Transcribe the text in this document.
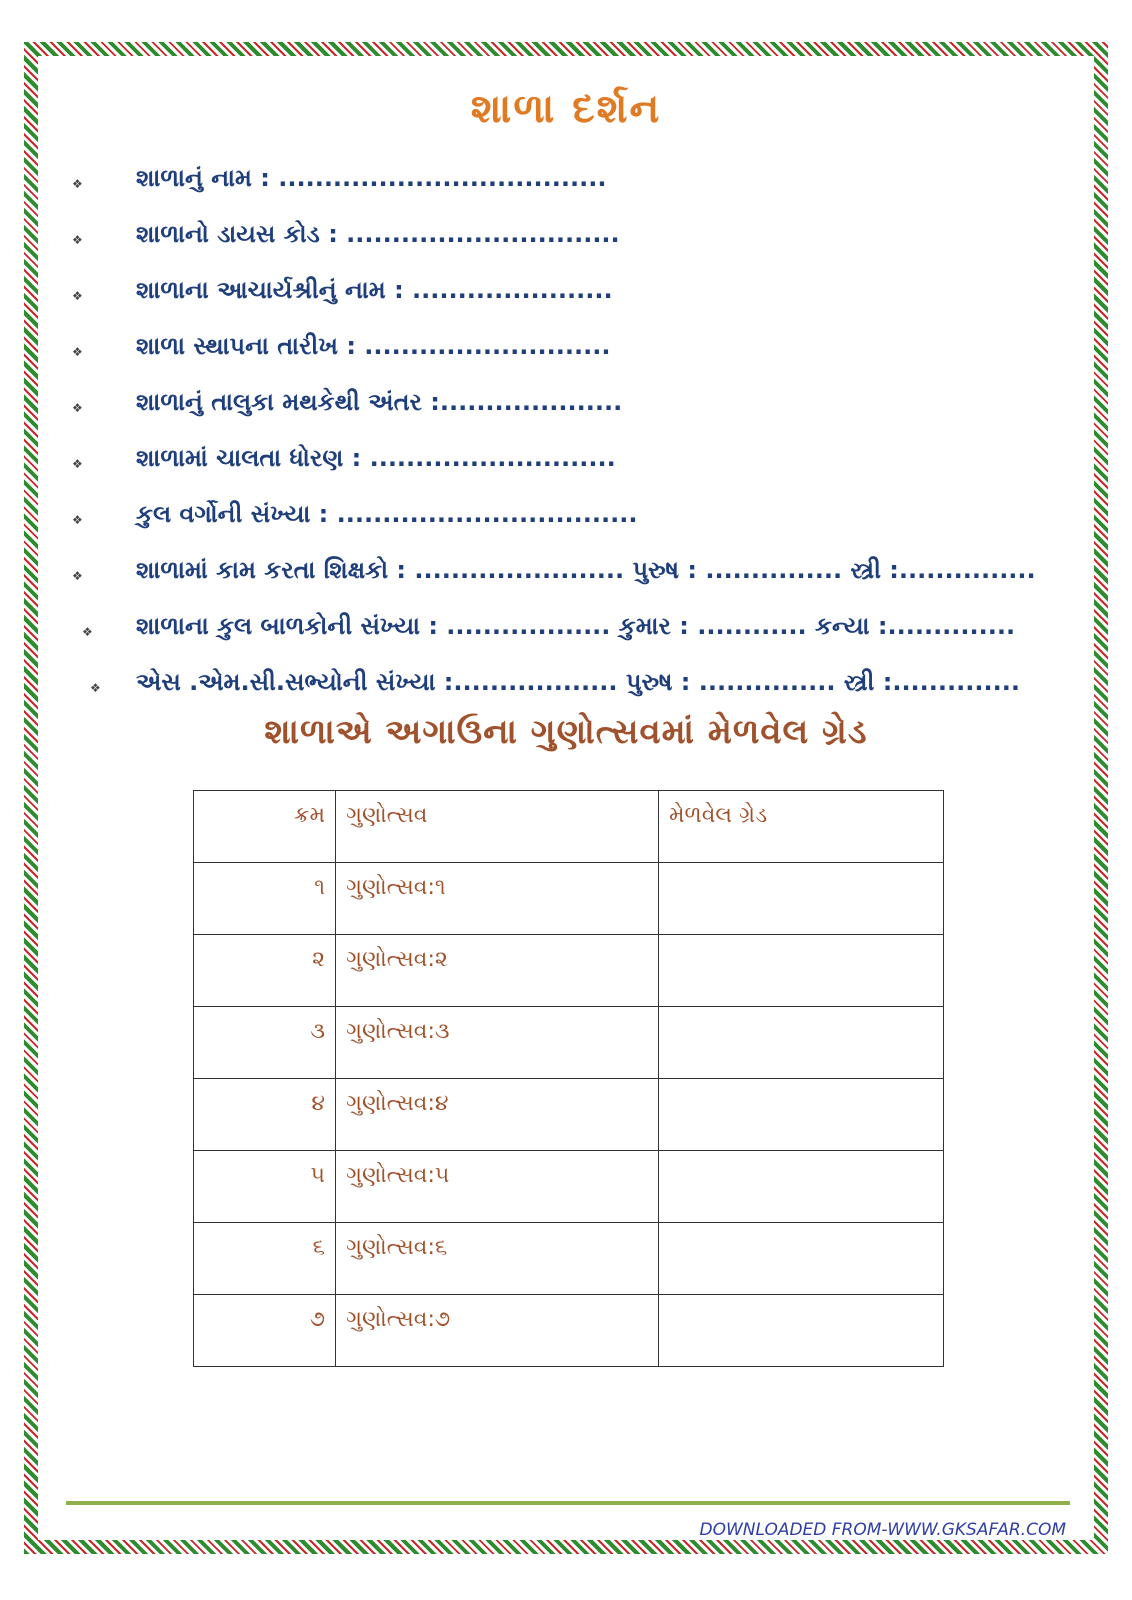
શાળા દર્શન
❖ શાળાનું નામ : ....................................
❖ શાળાનો ડાયસ કોડ : ..............................
❖ શાળાના આચાર્યશ્રીનું નામ : ......................
❖ શાળા સ્થાપના તારીખ : ...........................
❖ શાળાનું તાલુકા મથકેથી અંતર :....................
❖ શાળામાં ચાલતા ધોરણ : ...........................
❖ કુલ વર્ગોની સંખ્યા : .................................
❖ શાળામાં કામ કરતા શિક્ષકો : ....................... પુરુષ : ............... સ્ત્રી :...............
❖ શાળાના કુલ બાળકોની સંખ્યા : .................. કુમાર : ............ કન્યા :..............
❖ એસ .એમ.સી.સભ્યોની સંખ્યા :.................. પુરુષ : ............... સ્ત્રી :..............
શાળાએ અગાઉના ગુણોત્સવમાં મેળવેલ ગ્રેડ
ક્રમ	ગુણોત્સવ	મેળવેલ ગ્રેડ
૧	ગુણોત્સવ:૧	
૨	ગુણોત્સવ:૨	
૩	ગુણોત્સવ:૩	
૪	ગુણોત્સવ:૪	
૫	ગુણોત્સવ:૫	
૬	ગુણોત્સવ:૬	
૭	ગુણોત્સવ:૭	
DOWNLOADED FROM-WWW.GKSAFAR.COM
